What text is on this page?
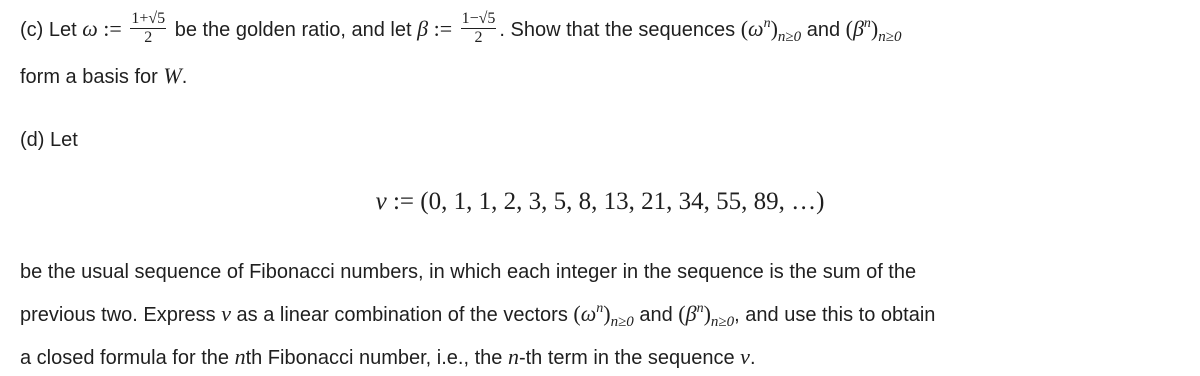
(c) Let ω := $\frac{1+√5}{2}$ be the golden ratio, and let β := $\frac{1-√5}{2}$ . Show that the sequences $(\omega^n)_{n\ge 0}$ and $(\beta^n)_{n\ge 0}$
form a basis for W.
(d) Let
v := (0, 1, 1, 2, 3, 5, 8, 13, 21, 34, 55, 89, …)
be the usual sequence of Fibonacci numbers, in which each integer in the sequence is the sum of the
previous two. Express v as a linear combination of the vectors $(\omega^n)_{n\ge 0}$ and $(\beta^n)_{n\ge 0}$, and use this to obtain
a closed formula for the nth Fibonacci number, i.e., the n-th term in the sequence v.
